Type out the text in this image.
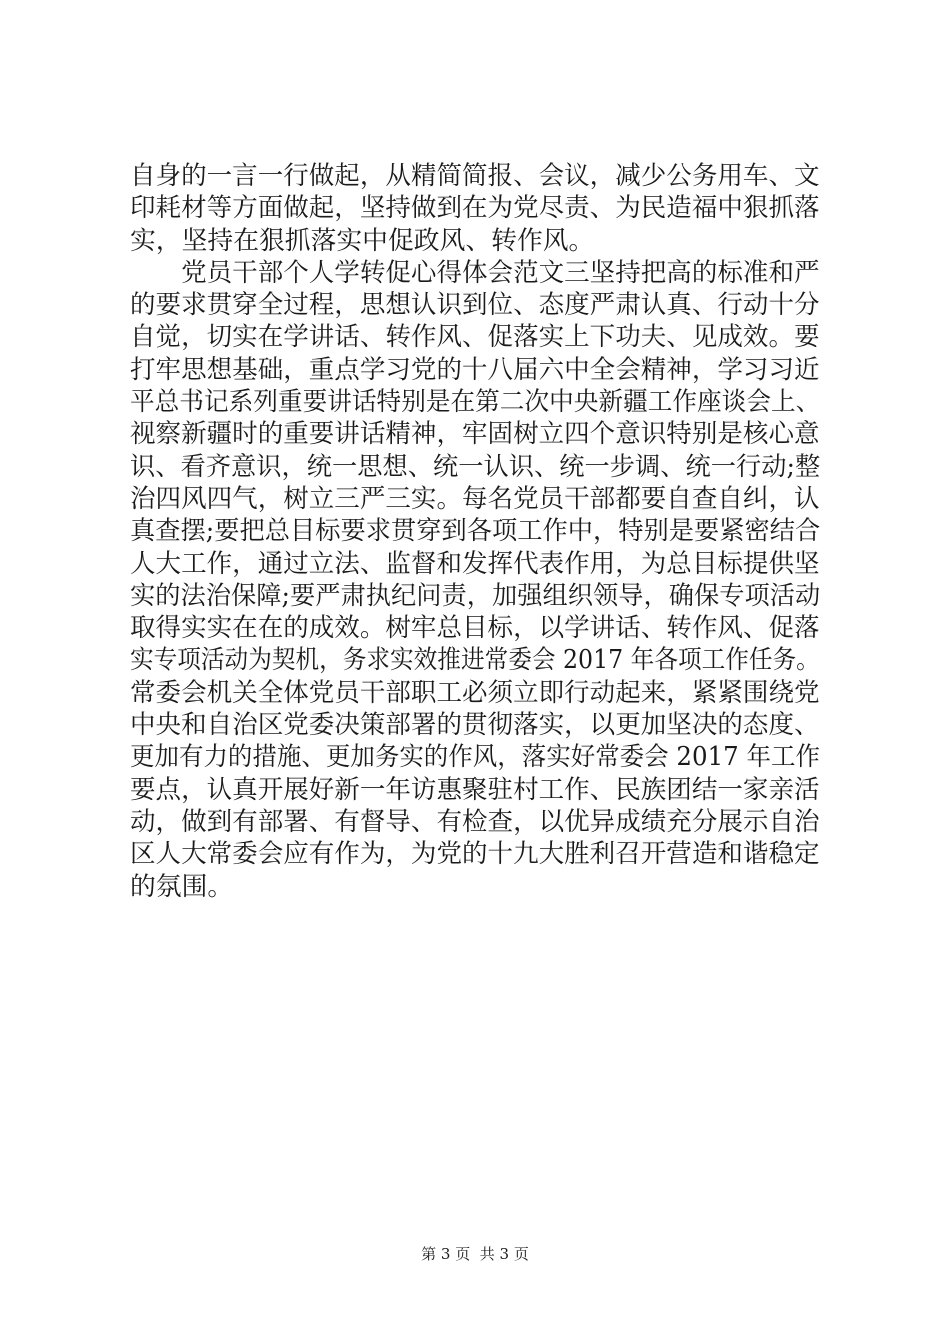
自身的一言一行做起，从精简简报、会议，减少公务用车、文
印耗材等方面做起，坚持做到在为党尽责、为民造福中狠抓落
实，坚持在狠抓落实中促政风、转作风。
　　党员干部个人学转促心得体会范文三坚持把高的标准和严
的要求贯穿全过程，思想认识到位、态度严肃认真、行动十分
自觉，切实在学讲话、转作风、促落实上下功夫、见成效。要
打牢思想基础，重点学习党的十八届六中全会精神，学习习近
平总书记系列重要讲话特别是在第二次中央新疆工作座谈会上、
视察新疆时的重要讲话精神，牢固树立四个意识特别是核心意
识、看齐意识，统一思想、统一认识、统一步调、统一行动;整
治四风四气，树立三严三实。每名党员干部都要自查自纠，认
真查摆;要把总目标要求贯穿到各项工作中，特别是要紧密结合
人大工作，通过立法、监督和发挥代表作用，为总目标提供坚
实的法治保障;要严肃执纪问责，加强组织领导，确保专项活动
取得实实在在的成效。树牢总目标，以学讲话、转作风、促落
实专项活动为契机，务求实效推进常委会 2017 年各项工作任务。
常委会机关全体党员干部职工必须立即行动起来，紧紧围绕党
中央和自治区党委决策部署的贯彻落实，以更加坚决的态度、
更加有力的措施、更加务实的作风，落实好常委会 2017 年工作
要点，认真开展好新一年访惠聚驻村工作、民族团结一家亲活
动，做到有部署、有督导、有检查，以优异成绩充分展示自治
区人大常委会应有作为，为党的十九大胜利召开营造和谐稳定
的氛围。
第 3 页  共 3 页
